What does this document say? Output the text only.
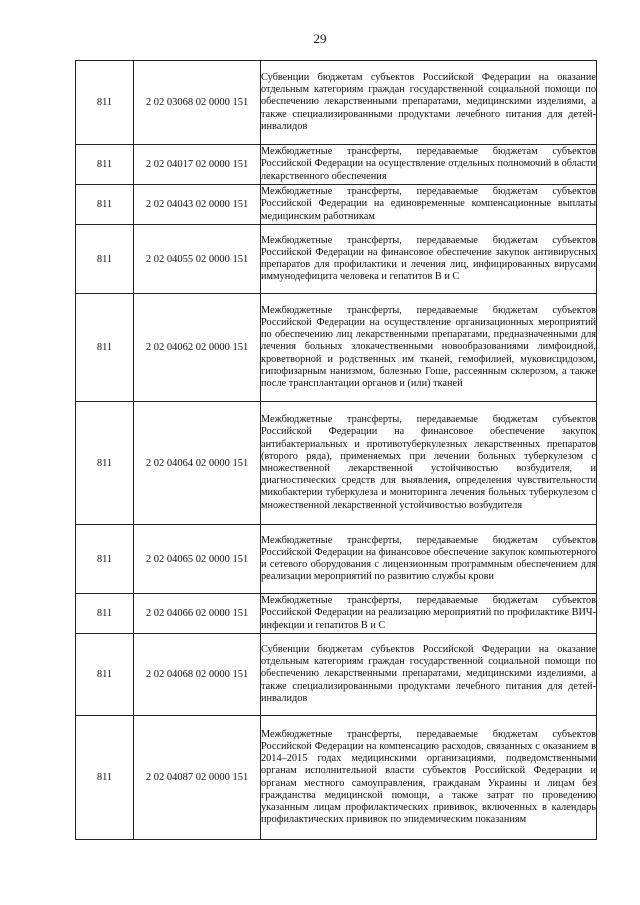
29
811	2 02 03068 02 0000 151	Субвенции бюджетам субъектов Российской Федерации на оказание отдельным категориям граждан государственной социальной помощи по обеспечению лекарственными препаратами, медицинскими изделиями, а также специализированными продуктами лечебного питания для детей-инвалидов
811	2 02 04017 02 0000 151	Межбюджетные трансферты, передаваемые бюджетам субъектов Российской Федерации на осуществление отдельных полномочий в области лекарственного обеспечения
811	2 02 04043 02 0000 151	Межбюджетные трансферты, передаваемые бюджетам субъектов Российской Федерации на единовременные компенсационные выплаты медицинским работникам
811	2 02 04055 02 0000 151	Межбюджетные трансферты, передаваемые бюджетам субъектов Российской Федерации на финансовое обеспечение закупок антивирусных препаратов для профилактики и лечения лиц, инфицированных вирусами иммунодефицита человека и гепатитов В и С
811	2 02 04062 02 0000 151	Межбюджетные трансферты, передаваемые бюджетам субъектов Российской Федерации на осуществление организационных мероприятий по обеспечению лиц лекарственными препаратами, предназначенными для лечения больных злокачественными новообразованиями лимфоидной, кроветворной и родственных им тканей, гемофилией, муковисцидозом, гипофизарным нанизмом, болезнью Гоше, рассеянным склерозом, а также после трансплантации органов и (или) тканей
811	2 02 04064 02 0000 151	Межбюджетные трансферты, передаваемые бюджетам субъектов Российской Федерации на финансовое обеспечение закупок антибактериальных и противотуберкулезных лекарственных препаратов (второго ряда), применяемых при лечении больных туберкулезом с множественной лекарственной устойчивостью возбудителя, и диагностических средств для выявления, определения чувствительности микобактерии туберкулеза и мониторинга лечения больных туберкулезом с множественной лекарственной устойчивостью возбудителя
811	2 02 04065 02 0000 151	Межбюджетные трансферты, передаваемые бюджетам субъектов Российской Федерации на финансовое обеспечение закупок компьютерного и сетевого оборудования с лицензионным программным обеспечением для реализации мероприятий по развитию службы крови
811	2 02 04066 02 0000 151	Межбюджетные трансферты, передаваемые бюджетам субъектов Российской Федерации на реализацию мероприятий по профилактике ВИЧ-инфекции и гепатитов В и С
811	2 02 04068 02 0000 151	Субвенции бюджетам субъектов Российской Федерации на оказание отдельным категориям граждан государственной социальной помощи по обеспечению лекарственными препаратами, медицинскими изделиями, а также специализированными продуктами лечебного питания для детей-инвалидов
811	2 02 04087 02 0000 151	Межбюджетные трансферты, передаваемые бюджетам субъектов Российской Федерации на компенсацию расходов, связанных с оказанием в 2014–2015 годах медицинскими организациями, подведомственными органам исполнительной власти субъектов Российской Федерации и органам местного самоуправления, гражданам Украины и лицам без гражданства медицинской помощи, а также затрат по проведению указанным лицам профилактических прививок, включенных в календарь профилактических прививок по эпидемическим показаниям
